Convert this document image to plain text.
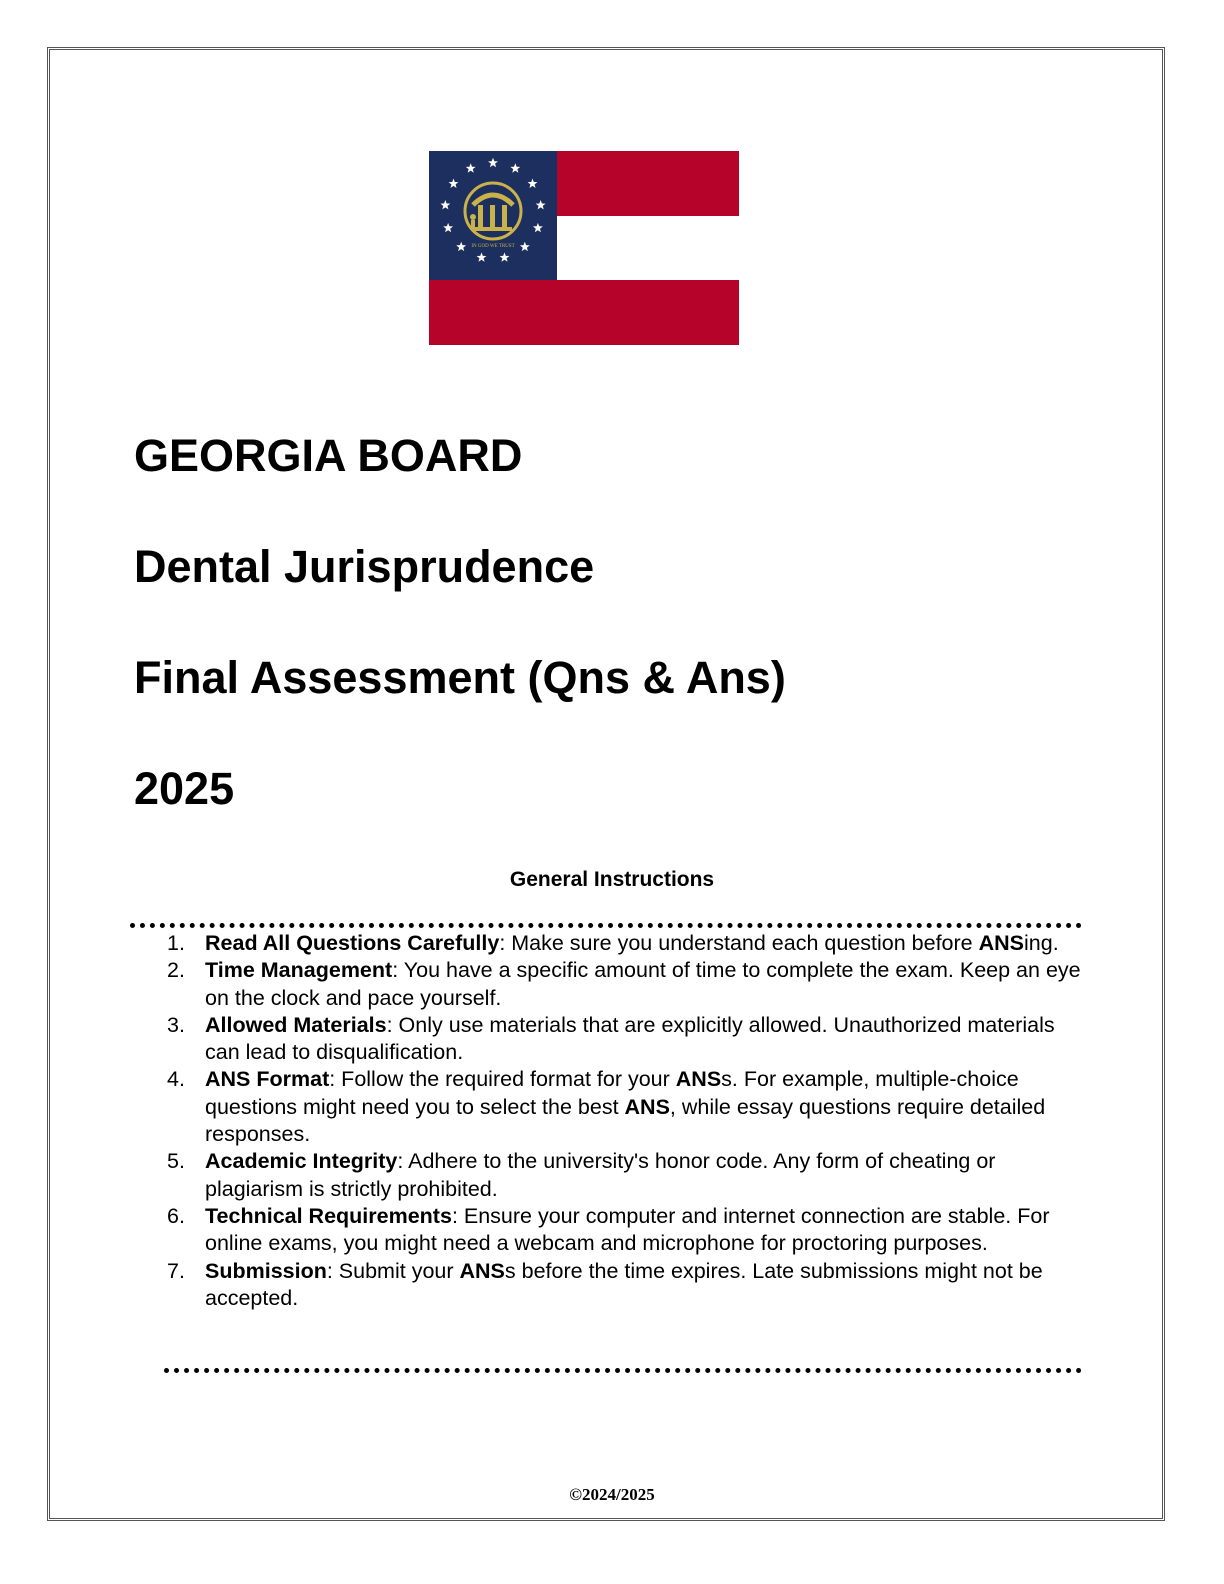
IN GOD WE TRUST
GEORGIA BOARD
Dental Jurisprudence
Final Assessment (Qns & Ans)
2025
General Instructions
1. Read All Questions Carefully: Make sure you understand each question before ANSing.
2. Time Management: You have a specific amount of time to complete the exam. Keep an eye on the clock and pace yourself.
3. Allowed Materials: Only use materials that are explicitly allowed. Unauthorized materials can lead to disqualification.
4. ANS Format: Follow the required format for your ANSs. For example, multiple-choice questions might need you to select the best ANS, while essay questions require detailed responses.
5. Academic Integrity: Adhere to the university's honor code. Any form of cheating or plagiarism is strictly prohibited.
6. Technical Requirements: Ensure your computer and internet connection are stable. For online exams, you might need a webcam and microphone for proctoring purposes.
7. Submission: Submit your ANSs before the time expires. Late submissions might not be accepted.
©2024/2025
